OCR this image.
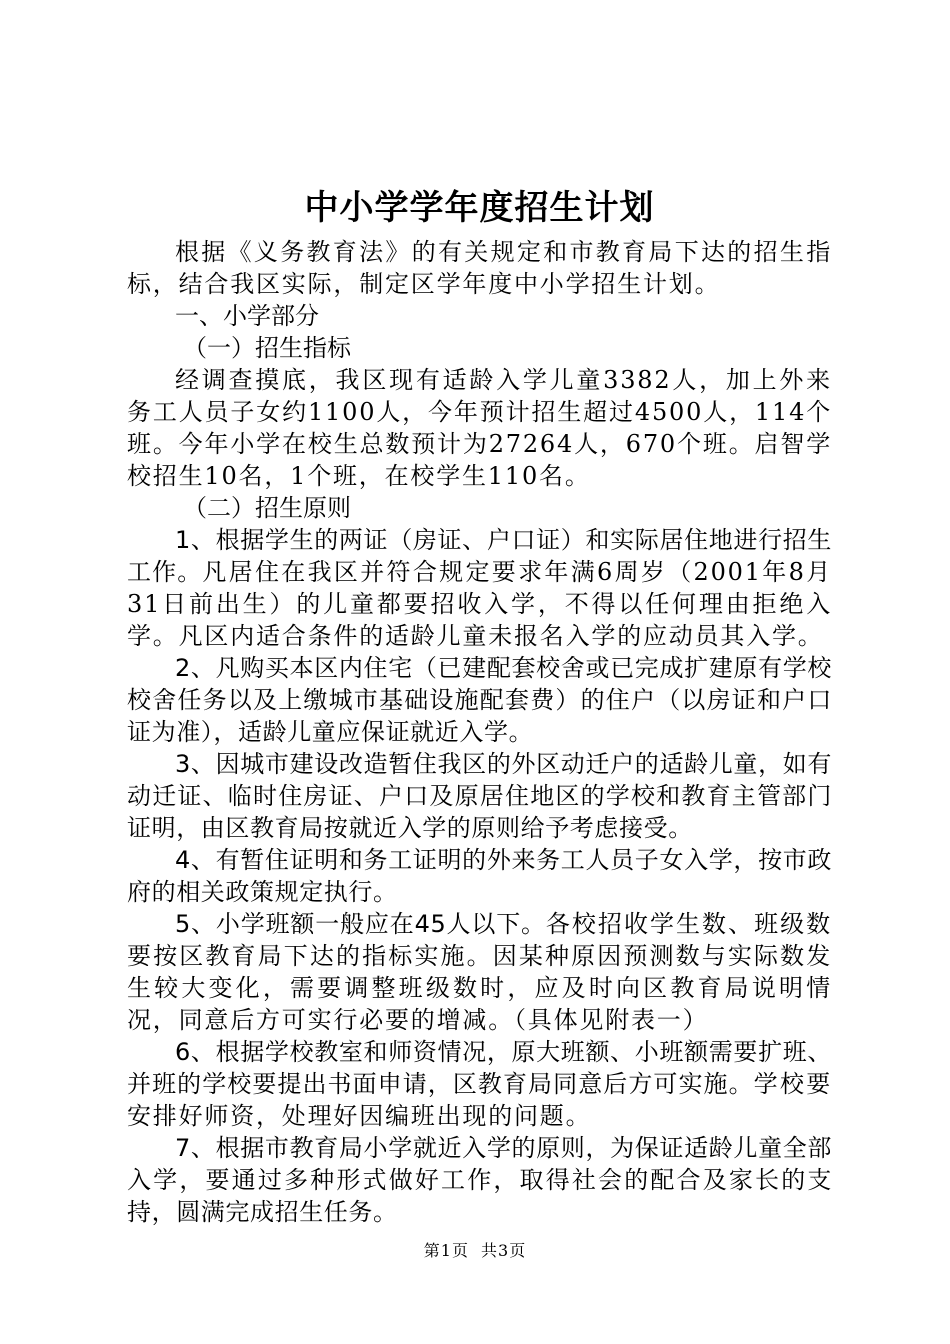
中小学学年度招生计划

根据《义务教育法》的有关规定和市教育局下达的招生指标，结合我区实际，制定区学年度中小学招生计划。

一、小学部分

（一）招生指标

经调查摸底，我区现有适龄入学儿童3382人，加上外来务工人员子女约1100人，今年预计招生超过4500人，114个班。今年小学在校生总数预计为27264人，670个班。启智学校招生10名，1个班，在校学生110名。

（二）招生原则

1、根据学生的两证（房证、户口证）和实际居住地进行招生工作。凡居住在我区并符合规定要求年满6周岁（2001年8月31日前出生）的儿童都要招收入学，不得以任何理由拒绝入学。凡区内适合条件的适龄儿童未报名入学的应动员其入学。

2、凡购买本区内住宅（已建配套校舍或已完成扩建原有学校校舍任务以及上缴城市基础设施配套费）的住户（以房证和户口证为准），适龄儿童应保证就近入学。

3、因城市建设改造暂住我区的外区动迁户的适龄儿童，如有动迁证、临时住房证、户口及原居住地区的学校和教育主管部门证明，由区教育局按就近入学的原则给予考虑接受。

4、有暂住证明和务工证明的外来务工人员子女入学，按市政府的相关政策规定执行。

5、小学班额一般应在45人以下。各校招收学生数、班级数要按区教育局下达的指标实施。因某种原因预测数与实际数发生较大变化，需要调整班级数时，应及时向区教育局说明情况，同意后方可实行必要的增减。（具体见附表一）

6、根据学校教室和师资情况，原大班额、小班额需要扩班、并班的学校要提出书面申请，区教育局同意后方可实施。学校要安排好师资，处理好因编班出现的问题。

7、根据市教育局小学就近入学的原则，为保证适龄儿童全部入学，要通过多种形式做好工作，取得社会的配合及家长的支持，圆满完成招生任务。

第1页 共3页
